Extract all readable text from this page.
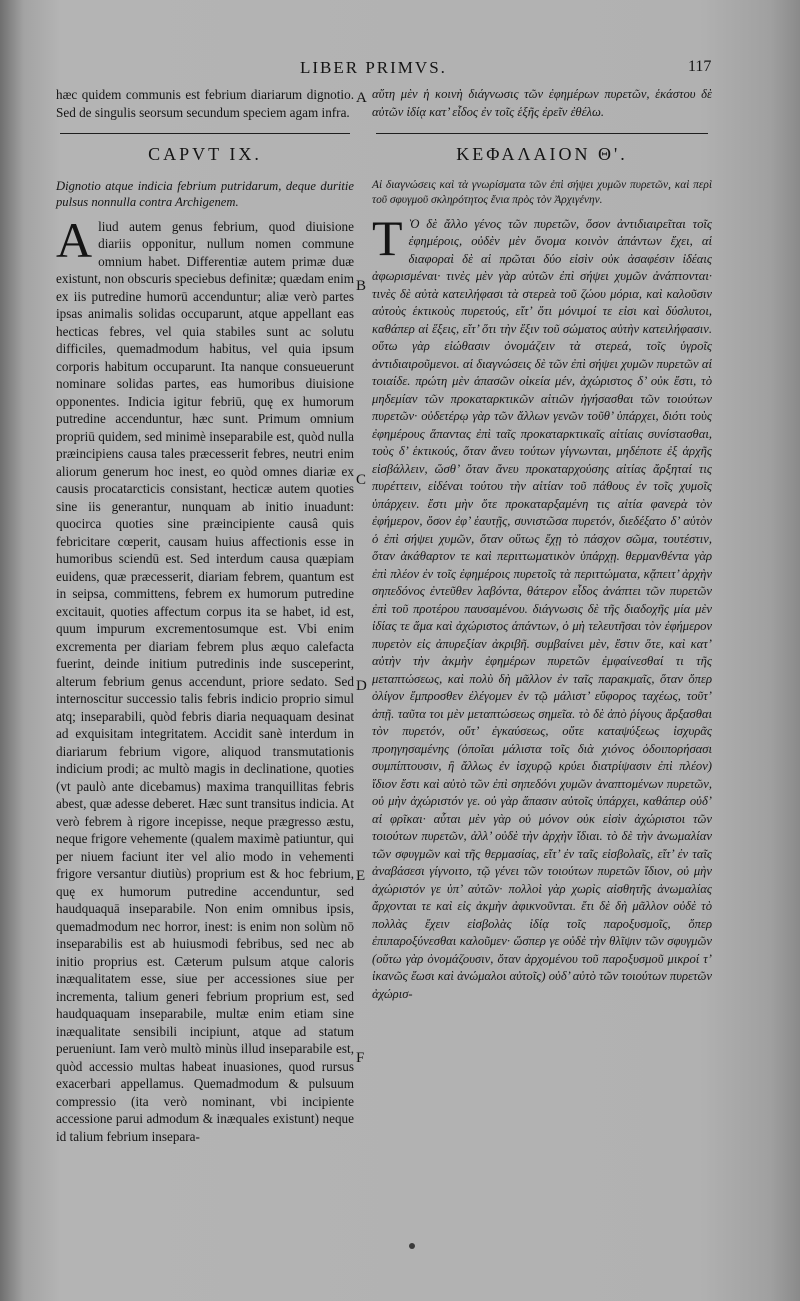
LIBER PRIMVS.	117

hæc quidem communis est febrium diariarum dignotio. Sed de singulis seorsum secundum speciem agam infra.

CAPVT IX.

Dignotio atque indicia febrium putridarum, deque duritie pulsus nonnulla contra Archigenem.

Aliud autem genus febrium, quod diuisione diariis opponitur, nullum nomen commune omnium habet. Differentiæ autem primæ duæ existunt, non obscuris speciebus definitæ; quædam enim ex iis putredine humorū accenduntur; aliæ verò partes ipsas animalis solidas occuparunt, atque appellant eas hecticas febres, vel quia stabiles sunt ac solutu difficiles, quemadmodum habitus, vel quia ipsum corporis habitum occuparunt. Ita nanque consueuerunt nominare solidas partes, eas humoribus diuisione opponentes. Indicia igitur febriū, quę ex humorum putredine accenduntur, hæc sunt. Primum omnium propriū quidem, sed minimè inseparabile est, quòd nulla præincipiens causa tales præcesserit febres, neutri enim aliorum generum hoc inest, eo quòd omnes diariæ ex causis procatarcticis consistant, hecticæ autem quoties sine iis generantur, nunquam ab initio inuadunt: quocirca quoties sine præincipiente causâ quis febricitare cœperit, causam huius affectionis esse in humoribus sciendū est. Sed interdum causa quæpiam euidens, quæ præcesserit, diariam febrem, quantum est in seipsa, committens, febrem ex humorum putredine excitauit, quoties affectum corpus ita se habet, id est, quum impurum excrementosumque est. Vbi enim excrementa per diariam febrem plus æquo calefacta fuerint, deinde initium putredinis inde susceperint, alterum febrium genus accendunt, priore sedato. Sed internoscitur successio talis febris indicio proprio simul atq; inseparabili, quòd febris diaria nequaquam desinat ad exquisitam integritatem. Accidit sanè interdum in diariarum febrium vigore, aliquod transmutationis indicium prodi; ac multò magis in declinatione, quoties (vt paulò ante dicebamus) maxima tranquillitas febris abest, quæ adesse deberet. Hæc sunt transitus indicia. At verò febrem à rigore incepisse, neque prægresso æstu, neque frigore vehemente (qualem maximè patiuntur, qui per niuem faciunt iter vel alio modo in vehementi frigore versantur diutiùs) proprium est & hoc febrium, quę ex humorum putredine accenduntur, sed haudquaquā inseparabile. Non enim omnibus ipsis, quemadmodum nec horror, inest: is enim non solùm nō inseparabilis est ab huiusmodi febribus, sed nec ab initio proprius est. Cæterum pulsum atque caloris inæqualitatem esse, siue per accessiones siue per incrementa, talium generi febrium proprium est, sed haudquaquam inseparabile, multæ enim etiam sine inæqualitate sensibili incipiunt, atque ad statum perueniunt. Iam verò multò minùs illud inseparabile est, quòd accessio multas habeat inuasiones, quod rursus exacerbari appellamus. Quemadmodum & pulsuum compressio (ita verò nominant, vbi incipiente accessione parui admodum & inæquales existunt) neque id talium febrium insepara-

A
B
C
D
E
F

αὕτη μὲν ἡ κοινὴ διάγνωσις τῶν ἐφημέρων πυρετῶν, ἑκάστου δὲ αὐτῶν ἰδίᾳ κατ’ εἶδος ἐν τοῖς ἑξῆς ἐρεῖν ἐθέλω.

ΚΕΦΑΛΑΙΟΝ Θ'.

Αἱ διαγνώσεις καὶ τὰ γνωρίσματα τῶν ἐπὶ σήψει χυμῶν πυρετῶν, καὶ περὶ τοῦ σφυγμοῦ σκληρότητος ἔνια πρὸς τὸν Ἀρχιγένην.

Τ Ὸ δὲ ἄλλο γένος τῶν πυρετῶν, ὅσον ἀντιδιαιρεῖται τοῖς ἐφημέροις, οὐδὲν μὲν ὄνομα κοινὸν ἁπάντων ἔχει, αἱ διαφοραὶ δὲ αἱ πρῶται δύο εἰσὶν οὐκ ἀσαφέσιν ἰδέαις ἀφωρισμέναι· τινὲς μὲν γὰρ αὐτῶν ἐπὶ σήψει χυμῶν ἀνάπτονται· τινὲς δὲ αὐτὰ κατειλήφασι τὰ στερεὰ τοῦ ζώου μόρια, καὶ καλοῦσιν αὐτοὺς ἑκτικοὺς πυρετούς, εἴτ’ ὅτι μόνιμοί τε εἰσι καὶ δύσλυτοι, καθάπερ αἱ ἕξεις, εἴτ’ ὅτι τὴν ἕξιν τοῦ σώματος αὐτὴν κατειλήφασιν. οὕτω γὰρ εἰώθασιν ὀνομάζειν τὰ στερεά, τοῖς ὑγροῖς ἀντιδιαιροῦμενοι. αἱ διαγνώσεις δὲ τῶν ἐπὶ σήψει χυμῶν πυρετῶν αἱ τοιαίδε. πρώτη μὲν ἁπασῶν οἰκεία μέν, ἀχώριστος δ’ οὐκ ἔστι, τὸ μηδεμίαν τῶν προκαταρκτικῶν αἰτιῶν ἡγήσασθαι τῶν τοιούτων πυρετῶν· οὐδετέρῳ γὰρ τῶν ἄλλων γενῶν τοῦθ’ ὑπάρχει, διότι τοὺς ἐφημέρους ἅπαντας ἐπὶ ταῖς προκαταρκτικαῖς αἰτίαις συνίστασθαι, τοὺς δ’ ἑκτικούς, ὅταν ἄνευ τούτων γίγνωνται, μηδέποτε ἐξ ἀρχῆς εἰσβάλλειν, ὥσθ’ ὅταν ἄνευ προκαταρχούσης αἰτίας ἄρξηταί τις πυρέττειν, εἰδέναι τούτου τὴν αἰτίαν τοῦ πάθους ἐν τοῖς χυμοῖς ὑπάρχειν. ἔστι μὴν ὅτε προκαταρξαμένη τις αἰτία φανερὰ τὸν ἐφήμερον, ὅσον ἐφ’ ἑαυτῇς, συνιστῶσα πυρετόν, διεδέξατο δ’ αὐτὸν ὁ ἐπὶ σήψει χυμῶν, ὅταν οὕτως ἔχῃ τὸ πάσχον σῶμα, τουτέστιν, ὅταν ἀκάθαρτον τε καὶ περιττωματικὸν ὑπάρχῃ. θερμανθέντα γὰρ ἐπὶ πλέον ἐν τοῖς ἐφημέροις πυρετοῖς τὰ περιττώματα, κᾄπειτ’ ἀρχὴν σηπεδόνος ἐντεῦθεν λαβόντα, θάτερον εἶδος ἀνάπτει τῶν πυρετῶν ἐπὶ τοῦ προτέρου παυσαμένου. διάγνωσις δὲ τῆς διαδοχῆς μία μὲν ἰδίας τε ἅμα καὶ ἀχώριστος ἁπάντων, ὁ μὴ τελευτῆσαι τὸν ἐφήμερον πυρετὸν εἰς ἀπυρεξίαν ἀκριβῆ. συμβαίνει μὲν, ἔστιν ὅτε, καὶ κατ’ αὐτὴν τὴν ἀκμὴν ἐφημέρων πυρετῶν ἐμφαίνεσθαί τι τῆς μεταπτώσεως, καὶ πολὺ δὴ μᾶλλον ἐν ταῖς παρακμαῖς, ὅταν ὅπερ ὀλίγον ἔμπροσθεν ἐλέγομεν ἐν τῷ μάλιστ’ εὔφορος ταχέως, τοῦτ’ ἀπῇ. ταῦτα τοι μὲν μεταπτώσεως σημεῖα. τὸ δὲ ἀπὸ ῥίγους ἄρξασθαι τὸν πυρετόν, οὔτ’ ἐγκαύσεως, οὔτε καταψύξεως ἰσχυρᾶς προηγησαμένης (ὁποῖαι μάλιστα τοῖς διὰ χιόνος ὁδοιπορήσασι συμπίπτουσιν, ἢ ἄλλως ἐν ἰσχυρῷ κρύει διατρίψασιν ἐπὶ πλέον) ἴδιον ἔστι καὶ αὐτὸ τῶν ἐπὶ σηπεδόνι χυμῶν ἀναπτομένων πυρετῶν, οὐ μὴν ἀχώριστόν γε. οὐ γὰρ ἅπασιν αὐτοῖς ὑπάρχει, καθάπερ οὐδ’ αἱ φρῖκαι· αὗται μὲν γὰρ οὐ μόνον οὐκ εἰσὶν ἀχώριστοι τῶν τοιούτων πυρετῶν, ἀλλ’ οὐδὲ τὴν ἀρχὴν ἴδιαι. τὸ δὲ τὴν ἀνωμαλίαν τῶν σφυγμῶν καὶ τῆς θερμασίας, εἴτ’ ἐν ταῖς εἰσβολαῖς, εἴτ’ ἐν ταῖς ἀναβάσεσι γίγνοιτο, τῷ γένει τῶν τοιούτων πυρετῶν ἴδιον, οὐ μὴν ἀχώριστόν γε ὑπ’ αὐτῶν· πολλοὶ γὰρ χωρὶς αἰσθητῆς ἀνωμαλίας ἄρχονται τε καὶ εἰς ἀκμὴν ἀφικνοῦνται. ἔτι δὲ δὴ μᾶλλον οὐδὲ τὸ πολλὰς ἔχειν εἰσβολὰς ἰδίᾳ τοῖς παροξυσμοῖς, ὅπερ ἐπιπαροξύνεσθαι καλοῦμεν· ὥσπερ γε οὐδὲ τὴν θλῖψιν τῶν σφυγμῶν (οὕτω γὰρ ὀνομάζουσιν, ὅταν ἀρχομένου τοῦ παροξυσμοῦ μικροί τ’ ἱκανῶς ἔωσι καὶ ἀνώμαλοι αὐτοῖς) οὐδ’ αὐτὸ τῶν τοιούτων πυρετῶν ἀχώρισ-
